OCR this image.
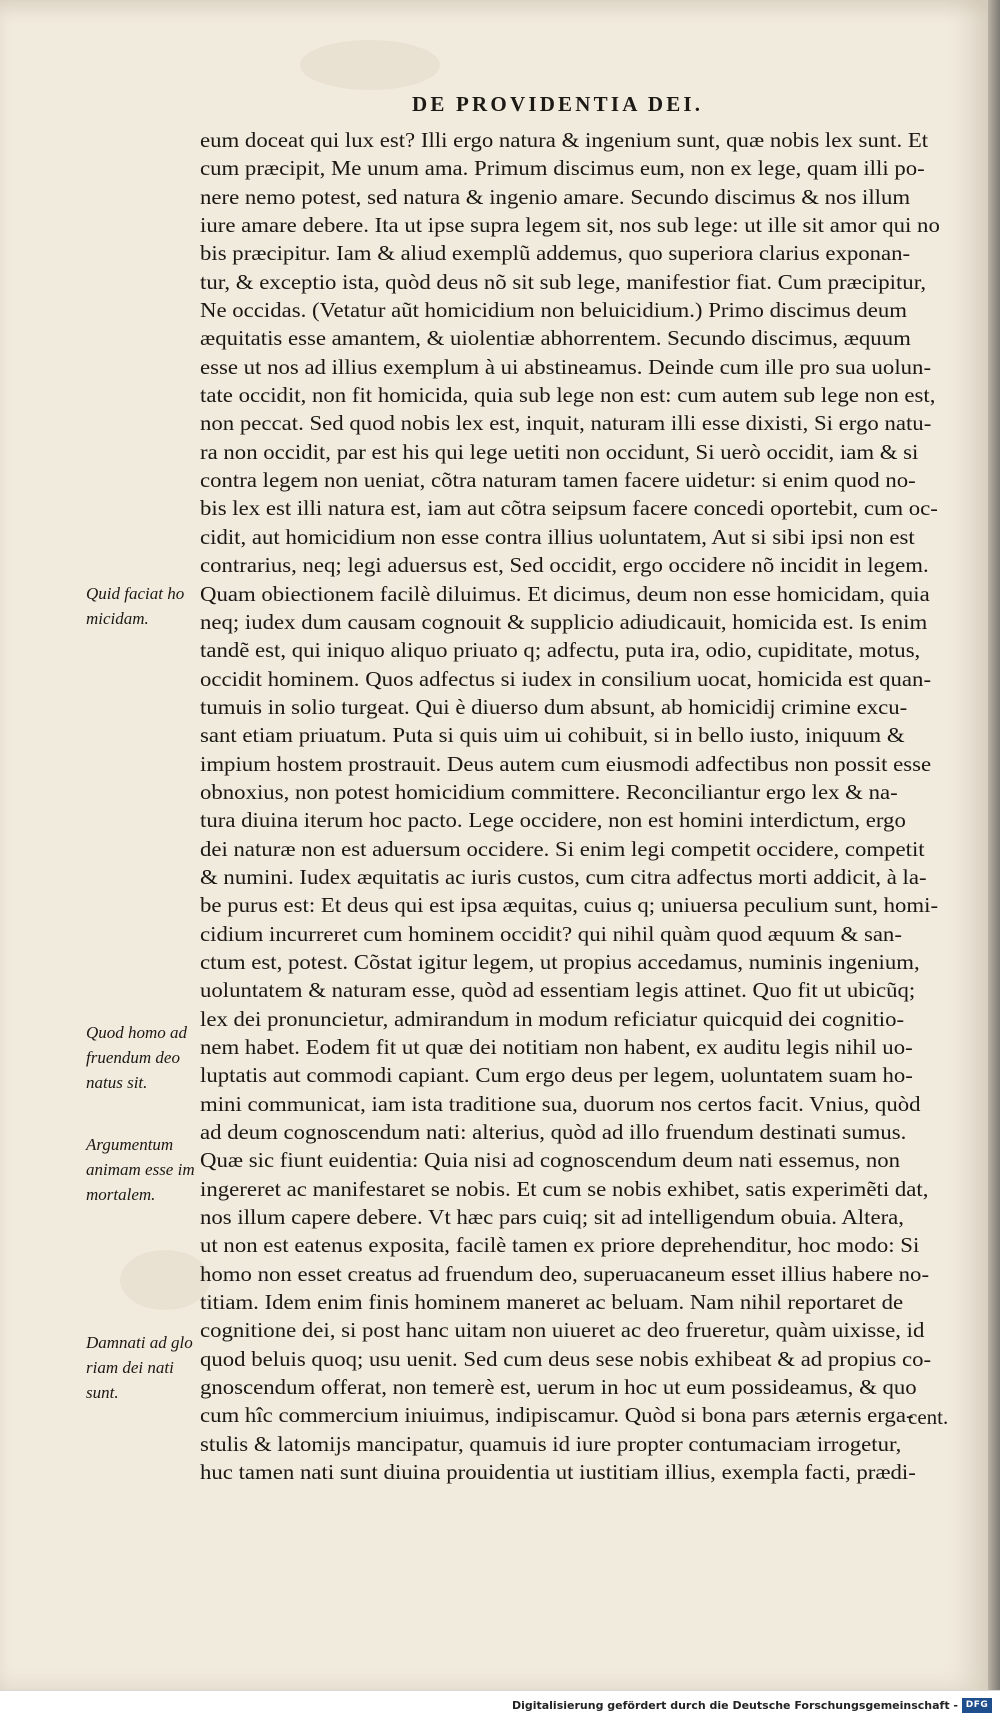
DE PROVIDENTIA DEI.
eum doceat qui lux est? Illi ergo natura & ingenium sunt, quæ nobis lex sunt. Et
cum præcipit, Me unum ama. Primum discimus eum, non ex lege, quam illi po-
nere nemo potest, sed natura & ingenio amare. Secundo discimus & nos illum
iure amare debere. Ita ut ipse supra legem sit, nos sub lege: ut ille sit amor qui no
bis præcipitur. Iam & aliud exemplũ addemus, quo superiora clarius exponan-
tur, & exceptio ista, quòd deus nõ sit sub lege, manifestior fiat. Cum præcipitur,
Ne occidas. (Vetatur aũt homicidium non beluicidium.) Primo discimus deum
æquitatis esse amantem, & uiolentiæ abhorrentem. Secundo discimus, æquum
esse ut nos ad illius exemplum à ui abstineamus. Deinde cum ille pro sua uolun-
tate occidit, non fit homicida, quia sub lege non est: cum autem sub lege non est,
non peccat. Sed quod nobis lex est, inquit, naturam illi esse dixisti, Si ergo natu-
ra non occidit, par est his qui lege uetiti non occidunt, Si uerò occidit, iam & si
contra legem non ueniat, cõtra naturam tamen facere uidetur: si enim quod no-
bis lex est illi natura est, iam aut cõtra seipsum facere concedi oportebit, cum oc-
cidit, aut homicidium non esse contra illius uoluntatem, Aut si sibi ipsi non est
contrarius, neq; legi aduersus est, Sed occidit, ergo occidere nõ incidit in legem.
Quam obiectionem facilè diluimus. Et dicimus, deum non esse homicidam, quia
neq; iudex dum causam cognouit & supplicio adiudicauit, homicida est. Is enim
tandẽ est, qui iniquo aliquo priuato q; adfectu, puta ira, odio, cupiditate, motus,
occidit hominem. Quos adfectus si iudex in consilium uocat, homicida est quan-
tumuis in solio turgeat. Qui è diuerso dum absunt, ab homicidij crimine excu-
sant etiam priuatum. Puta si quis uim ui cohibuit, si in bello iusto, iniquum &
impium hostem prostrauit. Deus autem cum eiusmodi adfectibus non possit esse
obnoxius, non potest homicidium committere. Reconciliantur ergo lex & na-
tura diuina iterum hoc pacto. Lege occidere, non est homini interdictum, ergo
dei naturæ non est aduersum occidere. Si enim legi competit occidere, competit
& numini. Iudex æquitatis ac iuris custos, cum citra adfectus morti addicit, à la-
be purus est: Et deus qui est ipsa æquitas, cuius q; uniuersa peculium sunt, homi-
cidium incurreret cum hominem occidit? qui nihil quàm quod æquum & san-
ctum est, potest. Cõstat igitur legem, ut propius accedamus, numinis ingenium,
uoluntatem & naturam esse, quòd ad essentiam legis attinet. Quo fit ut ubicũq;
lex dei pronuncietur, admirandum in modum reficiatur quicquid dei cognitio-
nem habet. Eodem fit ut quæ dei notitiam non habent, ex auditu legis nihil uo-
luptatis aut commodi capiant. Cum ergo deus per legem, uoluntatem suam ho-
mini communicat, iam ista traditione sua, duorum nos certos facit. Vnius, quòd
ad deum cognoscendum nati: alterius, quòd ad illo fruendum destinati sumus.
Quæ sic fiunt euidentia: Quia nisi ad cognoscendum deum nati essemus, non
ingereret ac manifestaret se nobis. Et cum se nobis exhibet, satis experimẽti dat,
nos illum capere debere. Vt hæc pars cuiq; sit ad intelligendum obuia. Altera,
ut non est eatenus exposita, facilè tamen ex priore deprehenditur, hoc modo: Si
homo non esset creatus ad fruendum deo, superuacaneum esset illius habere no-
titiam. Idem enim finis hominem maneret ac beluam. Nam nihil reportaret de
cognitione dei, si post hanc uitam non uiueret ac deo frueretur, quàm uixisse, id
quod beluis quoq; usu uenit. Sed cum deus sese nobis exhibeat & ad propius co-
gnoscendum offerat, non temerè est, uerum in hoc ut eum possideamus, & quo
cum hîc commercium iniuimus, indipiscamur. Quòd si bona pars æternis erga-
stulis & latomijs mancipatur, quamuis id iure propter contumaciam irrogetur,
huc tamen nati sunt diuina prouidentia ut iustitiam illius, exempla facti, prædi-
Quid faciat ho
micidam.
Quod homo ad
fruendum deo
natus sit.
Argumentum
animam esse im
mortalem.
Damnati ad glo
riam dei nati
sunt.
cent.
Digitalisierung gefördert durch die Deutsche Forschungsgemeinschaft - DFG
